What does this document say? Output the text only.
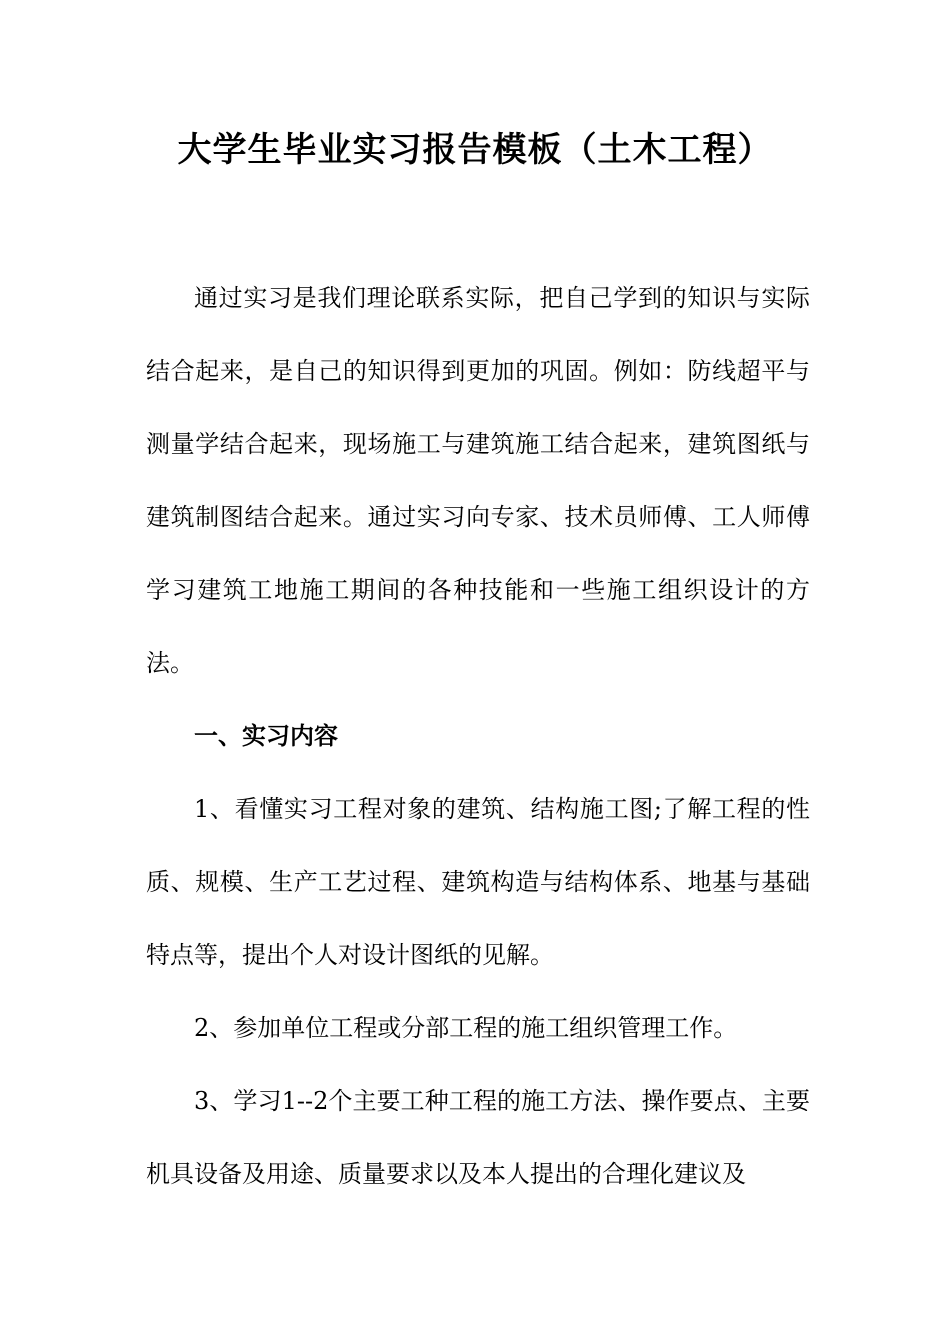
大学生毕业实习报告模板（土木工程）

通过实习是我们理论联系实际，把自己学到的知识与实际结合起来，是自己的知识得到更加的巩固。例如：防线超平与测量学结合起来，现场施工与建筑施工结合起来，建筑图纸与建筑制图结合起来。通过实习向专家、技术员师傅、工人师傅学习建筑工地施工期间的各种技能和一些施工组织设计的方法。

一、实习内容

1、看懂实习工程对象的建筑、结构施工图;了解工程的性质、规模、生产工艺过程、建筑构造与结构体系、地基与基础特点等，提出个人对设计图纸的见解。

2、参加单位工程或分部工程的施工组织管理工作。

3、学习1--2个主要工种工程的施工方法、操作要点、主要机具设备及用途、质量要求以及本人提出的合理化建议及
